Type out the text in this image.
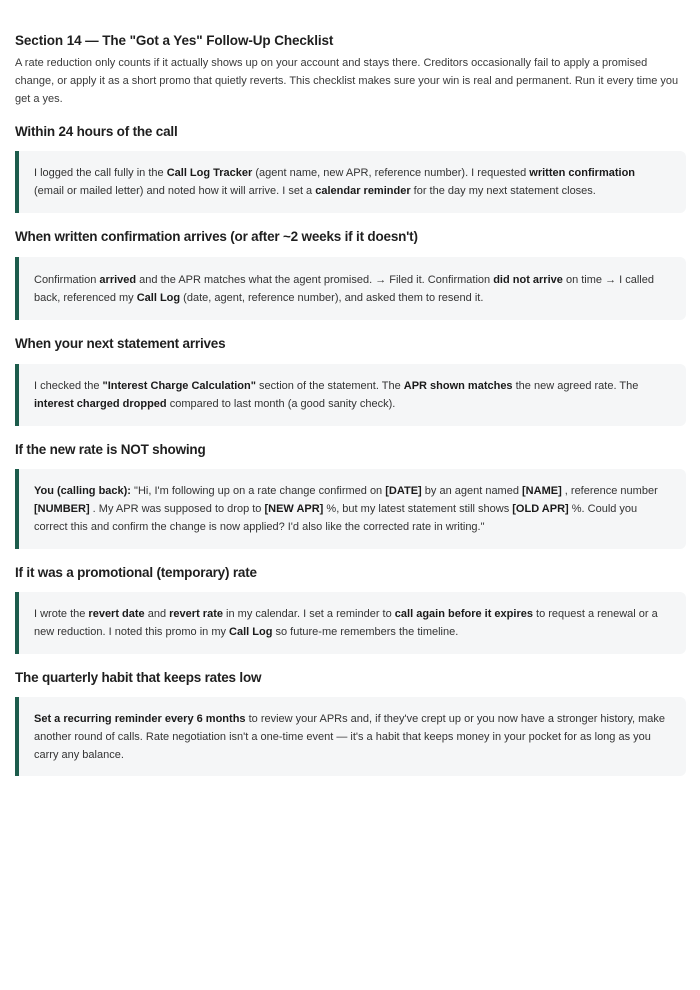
Section 14 — The "Got a Yes" Follow-Up Checklist

A rate reduction only counts if it actually shows up on your account and stays there. Creditors occasionally fail to apply a promised change, or apply it as a short promo that quietly reverts. This checklist makes sure your win is real and permanent. Run it every time you get a yes.

Within 24 hours of the call

I logged the call fully in the Call Log Tracker (agent name, new APR, reference number). I requested written confirmation (email or mailed letter) and noted how it will arrive. I set a calendar reminder for the day my next statement closes.

When written confirmation arrives (or after ~2 weeks if it doesn't)

Confirmation arrived and the APR matches what the agent promised. → Filed it. Confirmation did not arrive on time → I called back, referenced my Call Log (date, agent, reference number), and asked them to resend it.

When your next statement arrives

I checked the "Interest Charge Calculation" section of the statement. The APR shown matches the new agreed rate. The interest charged dropped compared to last month (a good sanity check).

If the new rate is NOT showing

You (calling back): "Hi, I'm following up on a rate change confirmed on [DATE] by an agent named [NAME] , reference number [NUMBER] . My APR was supposed to drop to [NEW APR] %, but my latest statement still shows [OLD APR] %. Could you correct this and confirm the change is now applied? I'd also like the corrected rate in writing."

If it was a promotional (temporary) rate

I wrote the revert date and revert rate in my calendar. I set a reminder to call again before it expires to request a renewal or a new reduction. I noted this promo in my Call Log so future-me remembers the timeline.

The quarterly habit that keeps rates low

Set a recurring reminder every 6 months to review your APRs and, if they've crept up or you now have a stronger history, make another round of calls. Rate negotiation isn't a one-time event — it's a habit that keeps money in your pocket for as long as you carry any balance.
